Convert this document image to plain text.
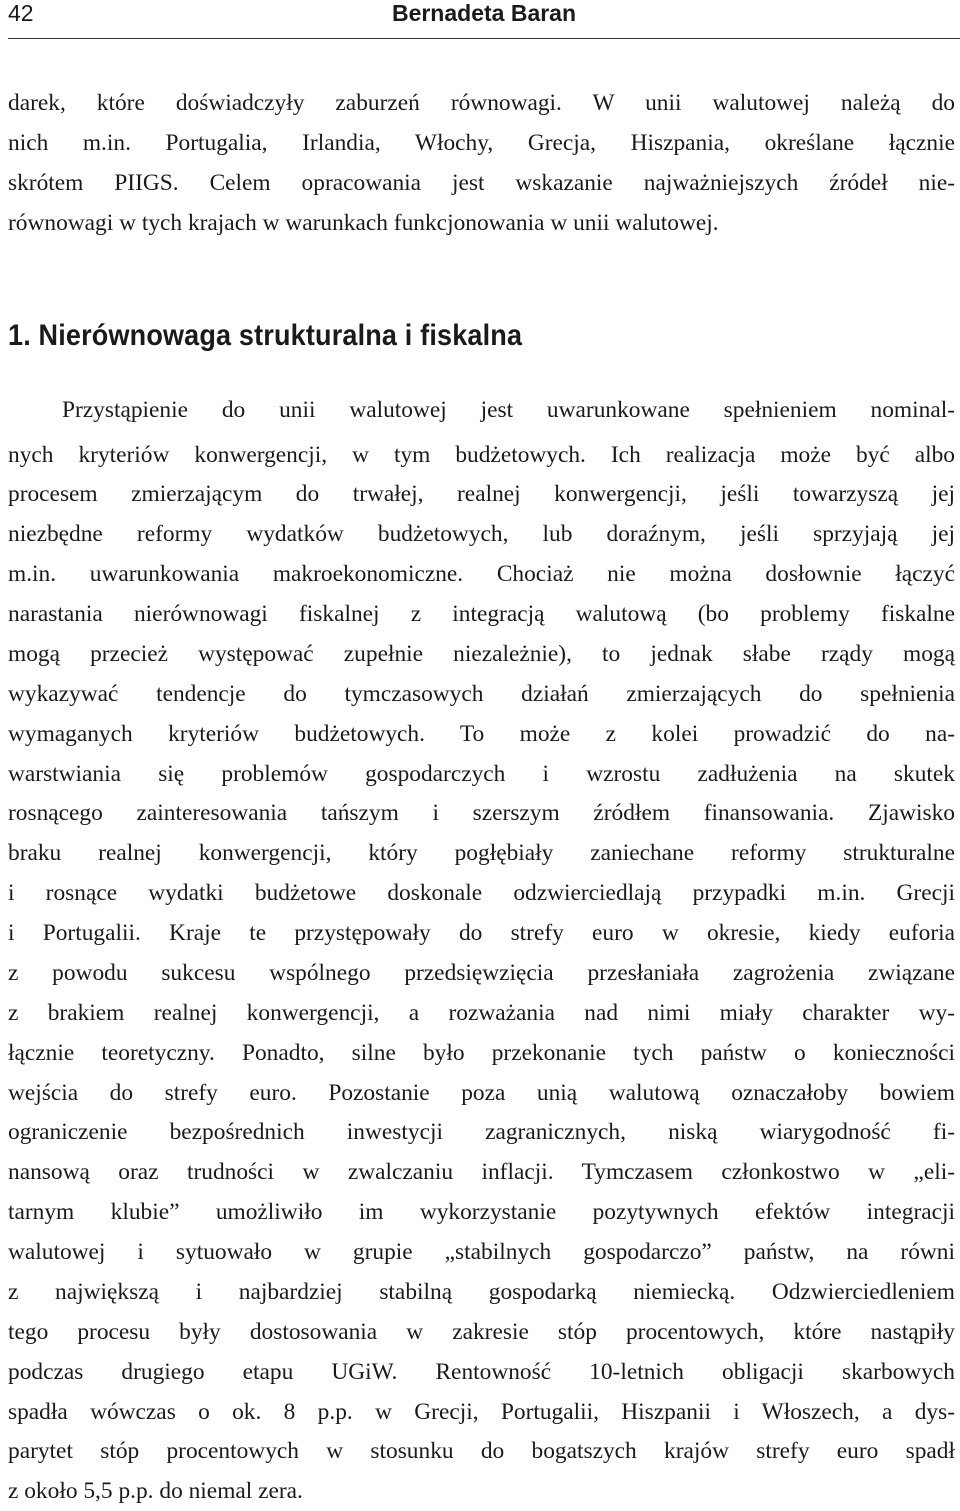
42	Bernadeta Baran
darek, które doświadczyły zaburzeń równowagi. W unii walutowej należą do
nich m.in. Portugalia, Irlandia, Włochy, Grecja, Hiszpania, określane łącznie
skrótem PIIGS. Celem opracowania jest wskazanie najważniejszych źródeł nie-
równowagi w tych krajach w warunkach funkcjonowania w unii walutowej.
1. Nierównowaga strukturalna i fiskalna
Przystąpienie do unii walutowej jest uwarunkowane spełnieniem nominal-
nych kryteriów konwergencji, w tym budżetowych. Ich realizacja może być albo
procesem zmierzającym do trwałej, realnej konwergencji, jeśli towarzyszą jej
niezbędne reformy wydatków budżetowych, lub doraźnym, jeśli sprzyjają jej
m.in. uwarunkowania makroekonomiczne. Chociaż nie można dosłownie łączyć
narastania nierównowagi fiskalnej z integracją walutową (bo problemy fiskalne
mogą przecież występować zupełnie niezależnie), to jednak słabe rządy mogą
wykazywać tendencje do tymczasowych działań zmierzających do spełnienia
wymaganych kryteriów budżetowych. To może z kolei prowadzić do na-
warstwiania się problemów gospodarczych i wzrostu zadłużenia na skutek
rosnącego zainteresowania tańszym i szerszym źródłem finansowania. Zjawisko
braku realnej konwergencji, który pogłębiały zaniechane reformy strukturalne
i rosnące wydatki budżetowe doskonale odzwierciedlają przypadki m.in. Grecji
i Portugalii. Kraje te przystępowały do strefy euro w okresie, kiedy euforia
z powodu sukcesu wspólnego przedsięwzięcia przesłaniała zagrożenia związane
z brakiem realnej konwergencji, a rozważania nad nimi miały charakter wy-
łącznie teoretyczny. Ponadto, silne było przekonanie tych państw o konieczności
wejścia do strefy euro. Pozostanie poza unią walutową oznaczałoby bowiem
ograniczenie bezpośrednich inwestycji zagranicznych, niską wiarygodność fi-
nansową oraz trudności w zwalczaniu inflacji. Tymczasem członkostwo w „eli-
tarnym klubie” umożliwiło im wykorzystanie pozytywnych efektów integracji
walutowej i sytuowało w grupie „stabilnych gospodarczo” państw, na równi
z największą i najbardziej stabilną gospodarką niemiecką. Odzwierciedleniem
tego procesu były dostosowania w zakresie stóp procentowych, które nastąpiły
podczas drugiego etapu UGiW. Rentowność 10-letnich obligacji skarbowych
spadła wówczas o ok. 8 p.p. w Grecji, Portugalii, Hiszpanii i Włoszech, a dys-
parytet stóp procentowych w stosunku do bogatszych krajów strefy euro spadł
z około 5,5 p.p. do niemal zera.
